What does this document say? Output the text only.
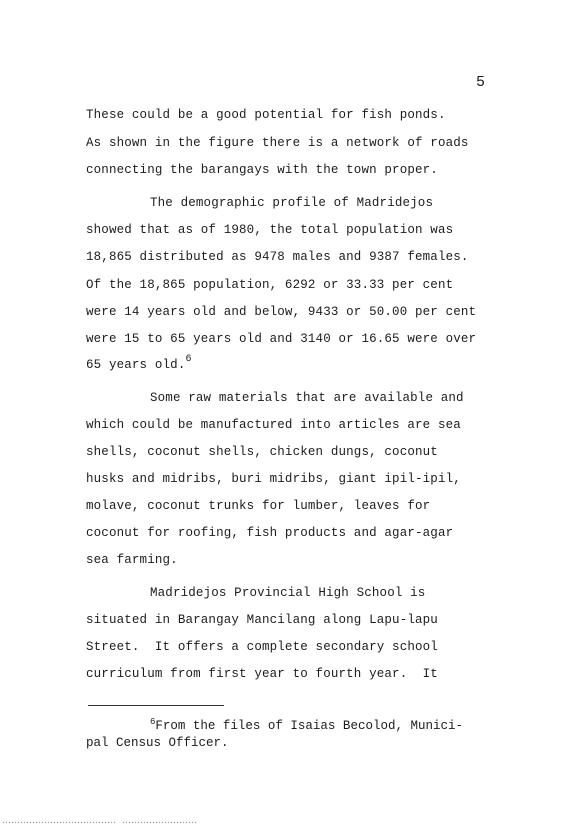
5
These could be a good potential for fish ponds.
As shown in the figure there is a network of roads
connecting the barangays with the town proper.
The demographic profile of Madridejos
showed that as of 1980, the total population was
18,865 distributed as 9478 males and 9387 females.
Of the 18,865 population, 6292 or 33.33 per cent
were 14 years old and below, 9433 or 50.00 per cent
were 15 to 65 years old and 3140 or 16.65 were over
65 years old.$^6$
Some raw materials that are available and
which could be manufactured into articles are sea
shells, coconut shells, chicken dungs, coconut
husks and midribs, buri midribs, giant ipil-ipil,
molave, coconut trunks for lumber, leaves for
coconut for roofing, fish products and agar-agar
sea farming.
Madridejos Provincial High School is
situated in Barangay Mancilang along Lapu-lapu
Street.  It offers a complete secondary school
curriculum from first year to fourth year.  It
$^6$From the files of Isaias Becolod, Munici-
pal Census Officer.
▪▪▪▪▪▪▪▪▪▪▪▪▪▪▪▪▪▪▪▪▪▪▪▪▪▪▪▪▪▪▪▪▪▪▪▪▪▪  ▪▪▪▪▪▪▪▪▪▪▪▪▪▪▪▪▪▪▪▪▪▪▪▪▪
